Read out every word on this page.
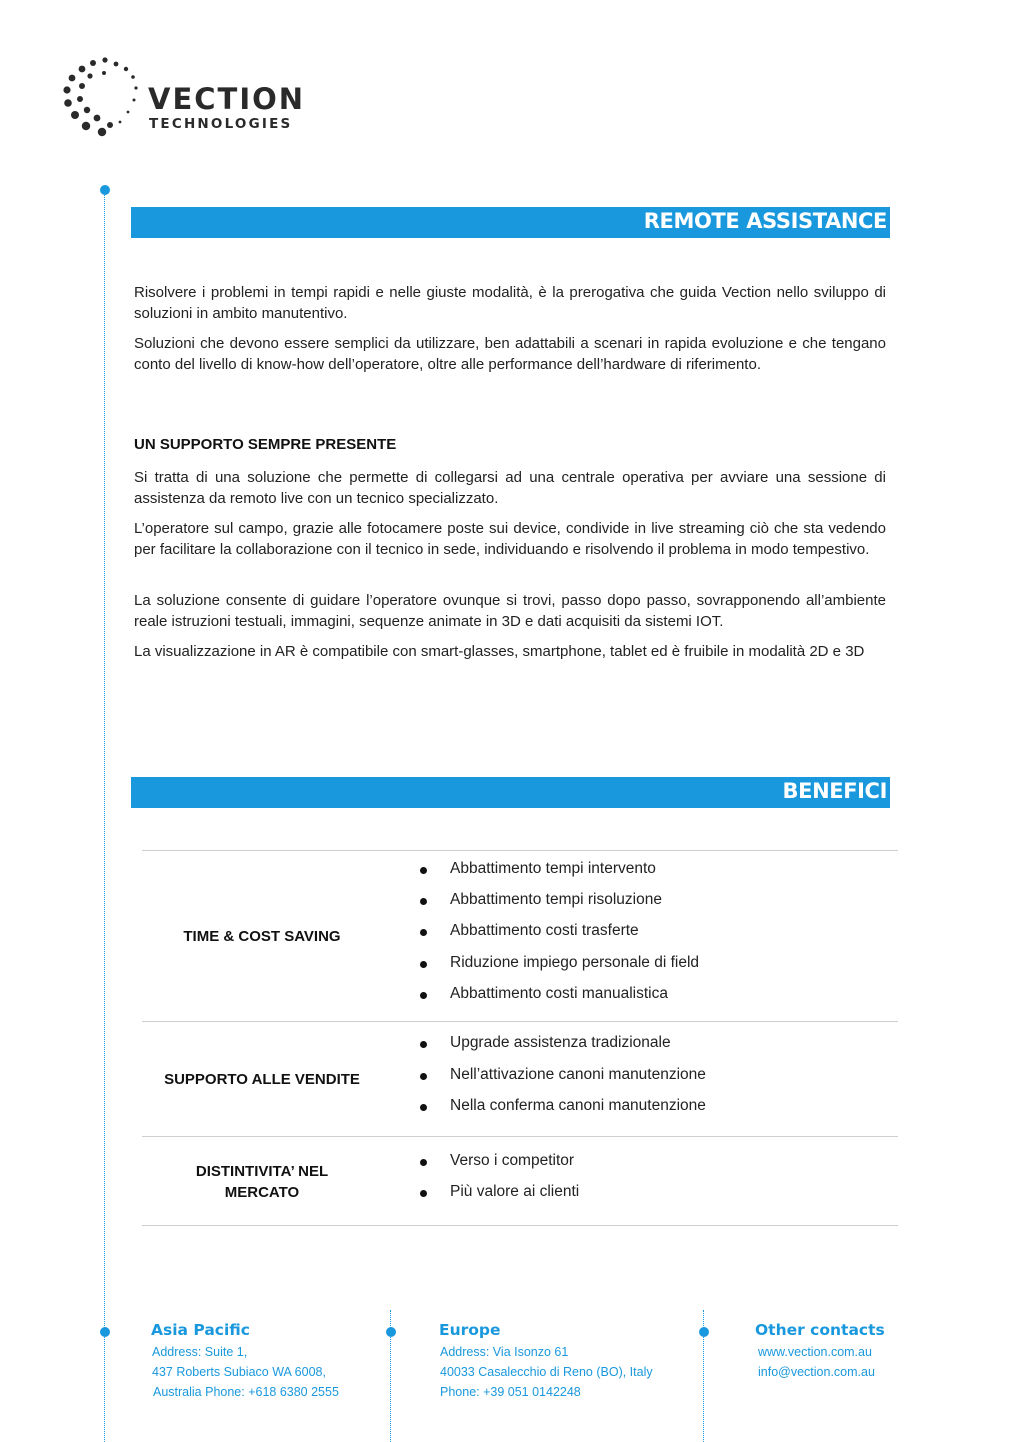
VECTION
TECHNOLOGIES
REMOTE ASSISTANCE

Risolvere i problemi in tempi rapidi e nelle giuste modalità, è la prerogativa che guida Vection nello sviluppo di soluzioni in ambito manutentivo.

Soluzioni che devono essere semplici da utilizzare, ben adattabili a scenari in rapida evoluzione e che tengano conto del livello di know-how dell’operatore, oltre alle performance dell’hardware di riferimento.

UN SUPPORTO SEMPRE PRESENTE

Si tratta di una soluzione che permette di collegarsi ad una centrale operativa per avviare una sessione di assistenza da remoto live con un tecnico specializzato.

L’operatore sul campo, grazie alle fotocamere poste sui device, condivide in live streaming ciò che sta vedendo per facilitare la collaborazione con il tecnico in sede, individuando e risolvendo il problema in modo tempestivo.

La soluzione consente di guidare l’operatore ovunque si trovi, passo dopo passo, sovrapponendo all’ambiente reale istruzioni testuali, immagini, sequenze animate in 3D e dati acquisiti da sistemi IOT.

La visualizzazione in AR è compatibile con smart-glasses, smartphone, tablet ed è fruibile in modalità 2D e 3D

BENEFICI
TIME & COST SAVING
Abbattimento tempi intervento
Abbattimento tempi risoluzione
Abbattimento costi trasferte
Riduzione impiego personale di field
Abbattimento costi manualistica
SUPPORTO ALLE VENDITE
Upgrade assistenza tradizionale
Nell’attivazione canoni manutenzione
Nella conferma canoni manutenzione
DISTINTIVITA’ NEL
MERCATO
Verso i competitor
Più valore ai clienti
Asia Pacific
Address: Suite 1,
437 Roberts Subiaco WA 6008,
Australia Phone: +618 6380 2555
Europe
Address: Via Isonzo 61
40033 Casalecchio di Reno (BO), Italy
Phone: +39 051 0142248
Other contacts
www.vection.com.au
info@vection.com.au
